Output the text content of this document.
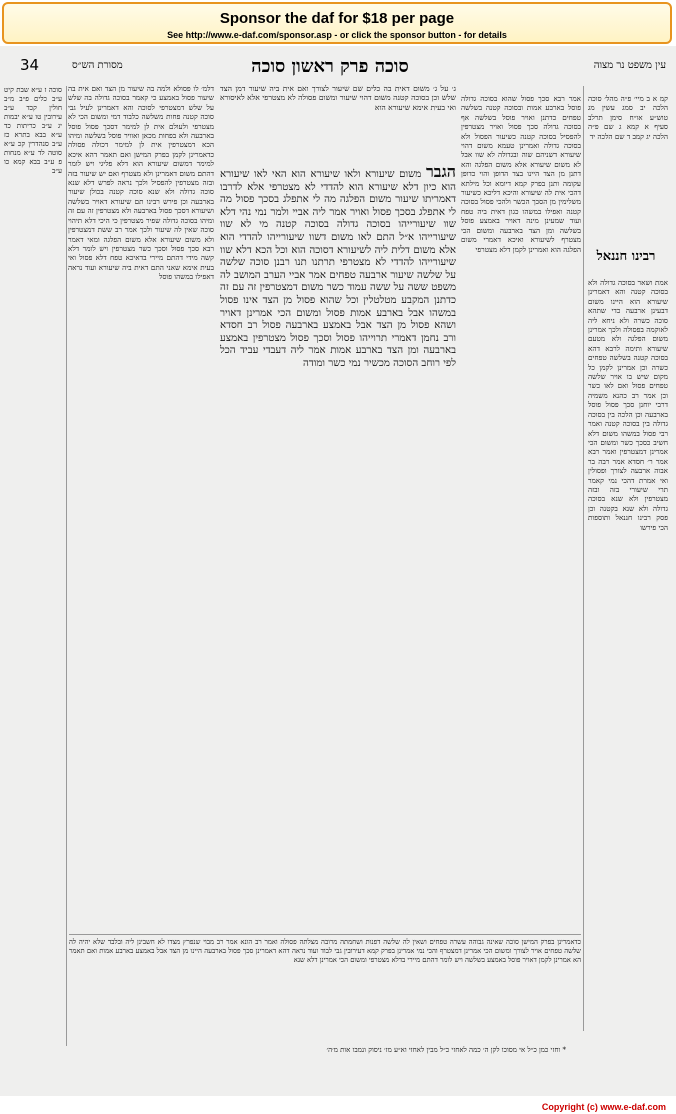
Sponsor the daf for $18 per page
See http://www.e-daf.com/sponsor.asp - or click the sponsor button - for details
34	סוכה פרק ראשון סוכה	עין משפט נר מצוה
מסורת הש״ס
קמ א ב מיי׳ פ״ה מהל׳ סוכה הלכה יב סמג עשין מג טוש״ע או״ח סימן תרלב סעיף א קמא ג שם פ״ה הלכה יג קמב ד שם הלכה יד
רבינו חננאל
אמת ושאר בסוכה גדולה ולא בסוכה קטנה והא דאמרינן שיעורא הוא היינו משום דבעינן ארבעה כדי שתהא סוכה כשרה ולא ניחא ליה לאוקמה בפסולה ולכך אמרינן משום הפלגה ולא מטעם שיעורא ותימה לרבא דהא בסוכה קטנה בשלשה טפחים כשרה וכן אמרינן לקמן כל מקום שיש בו אויר שלשה טפחים פסול ואם לאו כשר וכן אמר רב כהנא משמיה דרבי יוחנן סכך פסול פוסל בארבעה וכן הלכה בין בסוכה גדולה בין בסוכה קטנה ואמר רבי פסול במשהו משום דלא חשיב כסכך כשר ומשום הכי אמרינן דמצטרפין ואמר רבא אמר ר׳ חסדא אמר רבה בר אבוה ארבעה לצורך ופסולין ואי אמרת דהכי נמי קאמר תרי שיעורי בזה ובזה מצטרפין ולא שנא בסוכה גדולה ולא שנא בקטנה וכן פסק רבינו חננאל ותוספות הכי פירשו
אמר רבא סכך פסול שהוא בסוכה גדולה פוסל בארבע אמות ובסוכה קטנה בשלשה טפחים כדתנן ואויר פוסל בשלשה אף בסוכה גדולה סכך פסול ואויר מצטרפין להפסיל בסוכה קטנה כשיעור הפסול ולא בסוכה גדולה ואמרינן טעמא משום דהוי שיעורא דשניהם שוה ובגדולה לא שוו אבל לא משום שיעורא אלא משום הפלגה והא דתנן מן הצד היינו בצד הדופן והוי כדופן עקומה ותנן בפרק קמא דיומא וכל מילתא דהכי אית לה שיעורא והיכא דליכא כשיעור משלימין מן הסכך הכשר ולהכי פסול בסוכה קטנה ואפילו במשהו כגון דאית ביה טפח ועוד שמעינן מינה דאויר באמצע פוסל בשלשה ומן הצד בארבעה ומשום הכי מצטרף לשיעורא ואיכא דאמרי משום הפלגה הוא ואמרינן לקמן דלא מצטרפי
ג׳ על ג׳ משום דאית בה כלים שם שיעור לצורך ואם אית ביה שיעור דמן הצד שלש וכן בסוכה קטנה משום דהוי שיעור ומשום פסולה לא מצטרפי אלא לאיסורא ואי בעית אימא שיעורא הוא
הגבר משום שיעורא ולאו שיעורא הוא האי לאו שיעורא הוא כיון דלא שיעורא הוא להדדי לא מצטרפי אלא לדרבו דאמריתו שיעור משום הפלגה מה לי אתפלג בסכך פסול מה לי אתפלג בסכך פסול ואויר אמר ליה אביי ולמר נמי נהי דלא שוו שיעורייהו בסוכה גדולה בסוכה קטנה מי לא שוו שיעורייהו א״ל התם לאו משום דשוו שיעורייהו להדדי הוא אלא משום דלית ליה לשיעורא דסוכה הוא וכל הכא דלא שוו שיעורייהו להדדי לא מצטרפי תרתנו תנו רבנן סוכה שלשה על שלשה שיעור ארבעה טפחים אמר אביי הערב המושב לה משפט ששה על ששה עמוד כשר משום דמצטרפין זה עם זה כדתנן המקבע מטלטלין וכל שהוא פסול מן הצד אינו פסול במשהו אבל בארבע אמות פסול ומשום הכי אמרינן דאויר ושהא פסול מן הצד אבל באמצע בארבעה פסול רב חסדא ורב נחמן דאמרי תרוייהו פסול וסכך פסול מצטרפין באמצע בארבעה ומן הצד בארבע אמות אמר ליה דעבדי עביד הכל לפי רוחב הסוכה מכשיר נמי כשר ומודה
דלמ׳ לו פסולא ולמה בה שיעור מן הצד ואם אית בה שיעור פסול באמצע כי קאמר בסוכה גדולה בה שלש על שלש דמצטרפי לסוכה והא דאמרינן לעיל גבי סוכה קטנה פחות משלשה כלבוד דמי ומשום הכי לא מצטרפי ולעולם אית לן למימר דסכך פסול פוסל בארבעה ולא בפחות מכאן ואוויר פוסל בשלשה ומיהו הכא דמצטרפין אית לן למימר דכולה פסולה כדאמרינן לקמן בפרק המישן ואם תאמר דהא איכא למימר דמשום שיעורא הוא דלא פליגי ויש לומר דהתם משום דאמרינן ולא מצטרף ואם יש שיעור בזה ובזה מצטרפין להפסיל ולכך נראה לפרש דלא שנא סוכה גדולה ולא שנא סוכה קטנה בכולן שיעור בארבעה וכן פירש רבינו תם שיעורא דאויר בשלשה ושיעורא דסכך פסול בארבעה ולא מצטרפין זה עם זה ומיהו בסוכה גדולה שפיר מצטרפין כי היכי דלא תיהוי סוכה שאין לה שיעור ולכך אמר רב ששת דמצטרפין ולא משום שיעורא אלא משום הפלגה ומאי דאמר רבא סכך פסול וסכך כשר מצטרפין ויש לומר דלא קשה מידי דהתם מיירי בדאיכא טפח דלא פסול ואי בעית אימא שאני התם דאית ביה שיעורא ועוד נראה דאפילו במשהו פוסל
סוכה ז ע״א שבת קיט ע״ב כלים פ״ב מ״ב חולין קכד ע״ב עירובין טו ע״א יבמות יג ע״ב כריתות כד ע״א בבא בתרא כז ע״ב סנהדרין קכ ע״א סוטה לד ע״א מנחות פ ע״ב בבא קמא כו ע״ב
כדאמרינן בפרק המישן סוכה שאינה גבוהה עשרה טפחים ושאין לה שלשה דפנות ושחמתה מרובה מצלתה פסולה ואמר רב הונא אמר רב מבוי שנפרץ מצדו לא חשבינן ליה ובלבד שלא יהיה לה שלשה טפחים אויר לצורך ומשום הכי אמרינן דמצטרף והכי נמי אמרינן בפרק קמא דעירובין גבי לבוד ועוד נראה דהא דאמרינן סכך פסול בארבעה היינו מן הצד אבל באמצע בארבע אמות ואם תאמר הא אמרינן לקמן דאויר פוסל באמצע בשלשה ויש לומר דהתם מיירי בדלא מצטרפי ומשום הכי אמרינן דלא שנא
* וחזי כמן כ״ל אי מסוכו לקן ה׳ כמה לאחזי כ״ל מבין לאחזי וא״ע מז׳ ניסוק ונמבו אות מ׳ה׳
Copyright (c) www.e-daf.com
